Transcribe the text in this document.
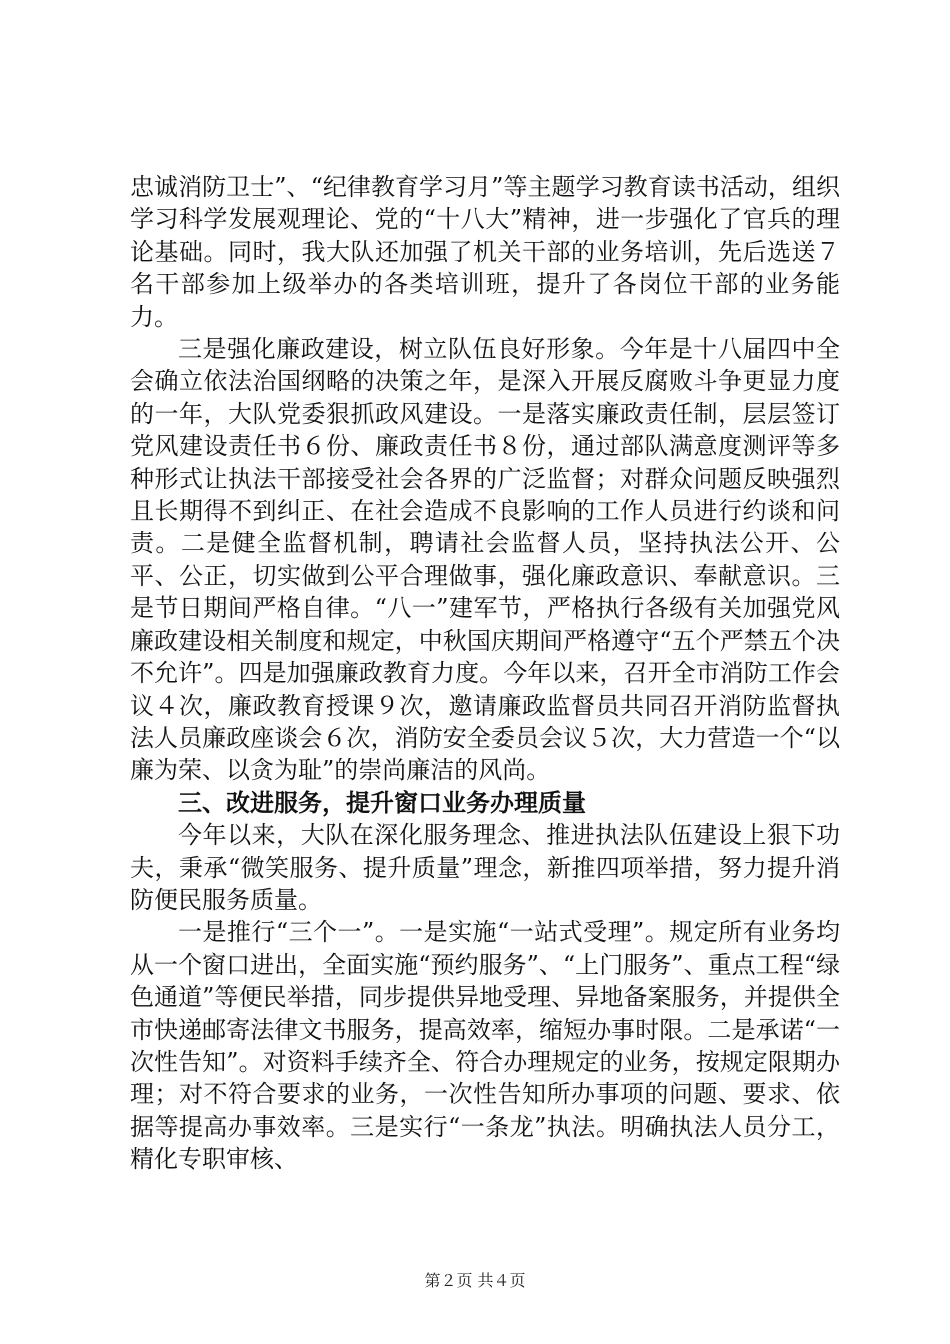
忠诚消防卫士”、“纪律教育学习月”等主题学习教育读书活动，组织学习科学发展观理论、党的“十八大”精神，进一步强化了官兵的理论基础。同时，我大队还加强了机关干部的业务培训，先后选送７名干部参加上级举办的各类培训班，提升了各岗位干部的业务能力。

三是强化廉政建设，树立队伍良好形象。今年是十八届四中全会确立依法治国纲略的决策之年，是深入开展反腐败斗争更显力度的一年，大队党委狠抓政风建设。一是落实廉政责任制，层层签订党风建设责任书６份、廉政责任书８份，通过部队满意度测评等多种形式让执法干部接受社会各界的广泛监督；对群众问题反映强烈且长期得不到纠正、在社会造成不良影响的工作人员进行约谈和问责。二是健全监督机制，聘请社会监督人员，坚持执法公开、公平、公正，切实做到公平合理做事，强化廉政意识、奉献意识。三是节日期间严格自律。“八一”建军节，严格执行各级有关加强党风廉政建设相关制度和规定，中秋国庆期间严格遵守“五个严禁五个决不允许”。四是加强廉政教育力度。今年以来，召开全市消防工作会议４次，廉政教育授课９次，邀请廉政监督员共同召开消防监督执法人员廉政座谈会６次，消防安全委员会议５次，大力营造一个“以廉为荣、以贪为耻”的崇尚廉洁的风尚。

三、改进服务，提升窗口业务办理质量

今年以来，大队在深化服务理念、推进执法队伍建设上狠下功夫，秉承“微笑服务、提升质量”理念，新推四项举措，努力提升消防便民服务质量。

一是推行“三个一”。一是实施“一站式受理”。规定所有业务均从一个窗口进出，全面实施“预约服务”、“上门服务”、重点工程“绿色通道”等便民举措，同步提供异地受理、异地备案服务，并提供全市快递邮寄法律文书服务，提高效率，缩短办事时限。二是承诺“一次性告知”。对资料手续齐全、符合办理规定的业务，按规定限期办理；对不符合要求的业务，一次性告知所办事项的问题、要求、依据等提高办事效率。三是实行“一条龙”执法。明确执法人员分工，精化专职审核、

第２页 共４页
